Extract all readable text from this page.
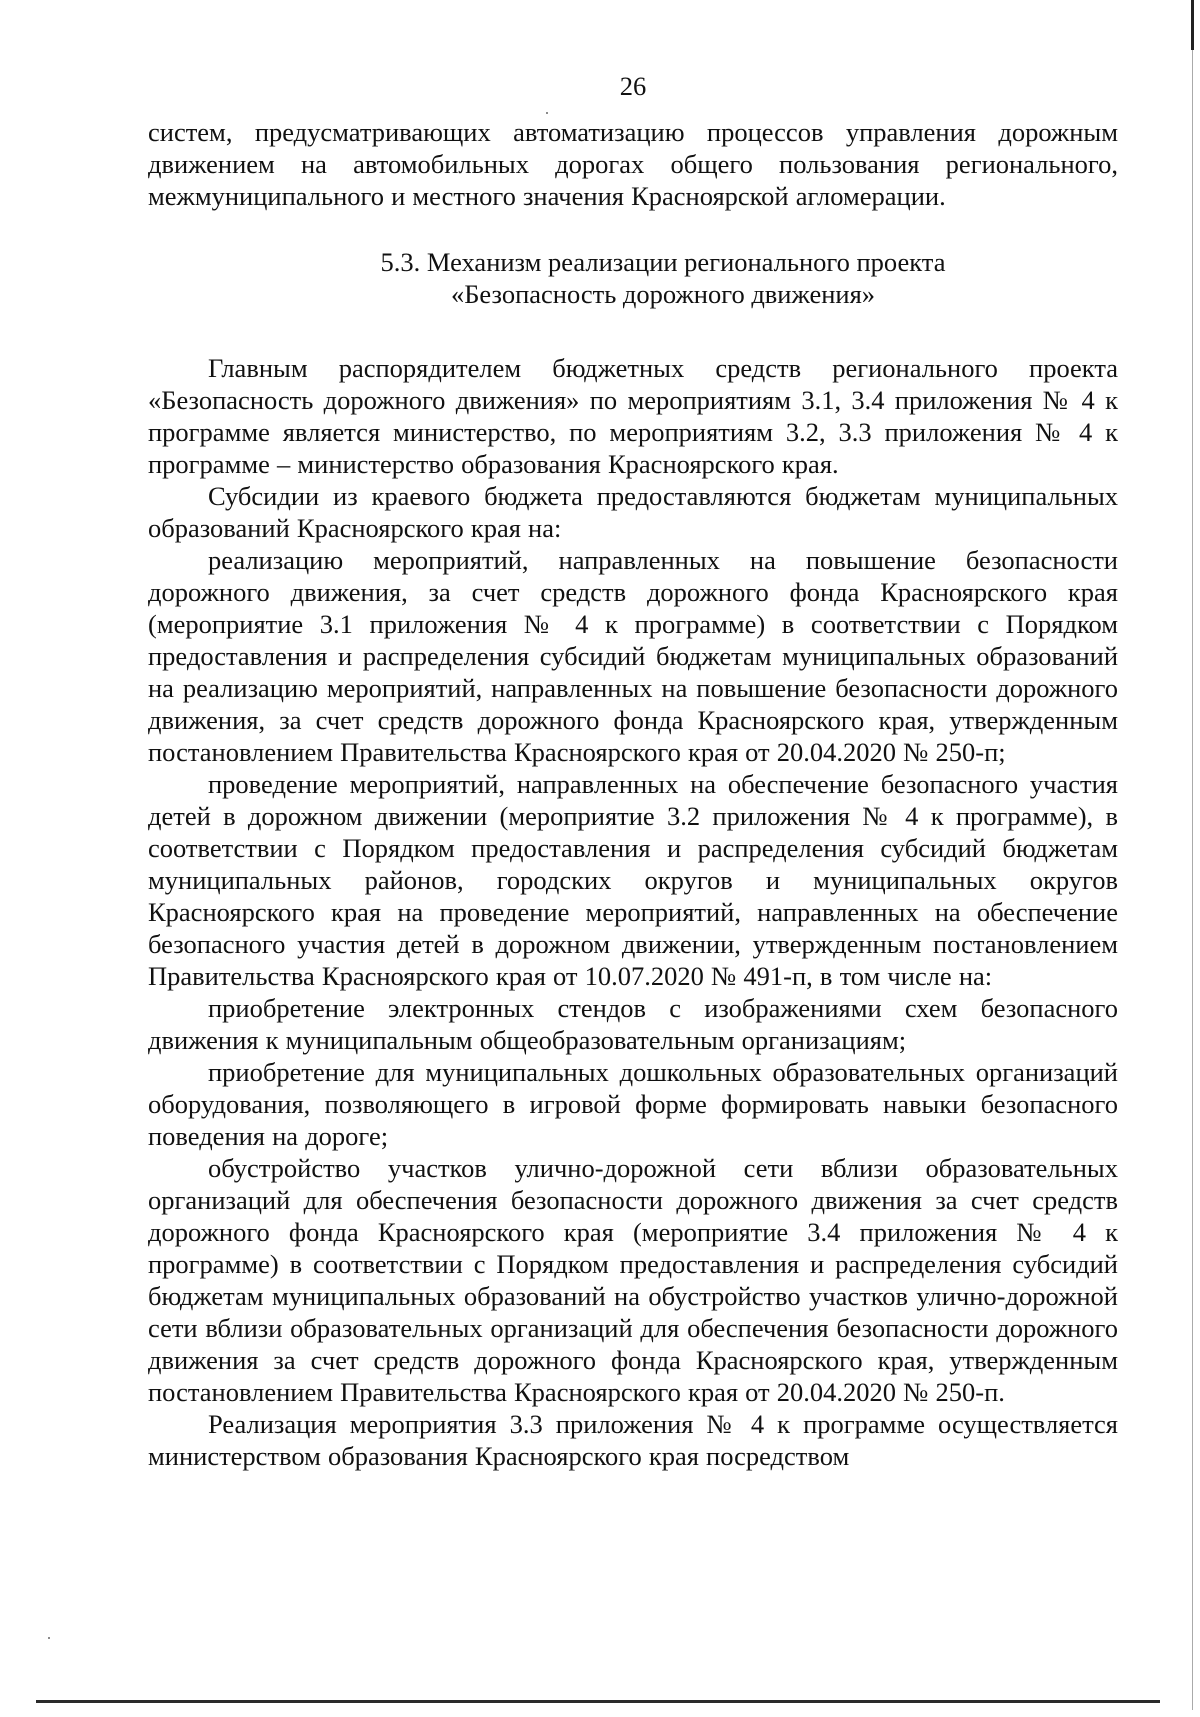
26

систем, предусматривающих автоматизацию процессов управления дорожным движением на автомобильных дорогах общего пользования регионального, межмуниципального и местного значения Красноярской агломерации.

5.3. Механизм реализации регионального проекта
«Безопасность дорожного движения»

Главным распорядителем бюджетных средств регионального проекта «Безопасность дорожного движения» по мероприятиям 3.1, 3.4 приложения № 4 к программе является министерство, по мероприятиям 3.2, 3.3 приложения № 4 к программе – министерство образования Красноярского края.

Субсидии из краевого бюджета предоставляются бюджетам муниципальных образований Красноярского края на:

реализацию мероприятий, направленных на повышение безопасности дорожного движения, за счет средств дорожного фонда Красноярского края (мероприятие 3.1 приложения № 4 к программе) в соответствии с Порядком предоставления и распределения субсидий бюджетам муниципальных образований на реализацию мероприятий, направленных на повышение безопасности дорожного движения, за счет средств дорожного фонда Красноярского края, утвержденным постановлением Правительства Красноярского края от 20.04.2020 № 250-п;

проведение мероприятий, направленных на обеспечение безопасного участия детей в дорожном движении (мероприятие 3.2 приложения № 4 к программе), в соответствии с Порядком предоставления и распределения субсидий бюджетам муниципальных районов, городских округов и муниципальных округов Красноярского края на проведение мероприятий, направленных на обеспечение безопасного участия детей в дорожном движении, утвержденным постановлением Правительства Красноярского края от 10.07.2020 № 491-п, в том числе на:

приобретение электронных стендов с изображениями схем безопасного движения к муниципальным общеобразовательным организациям;

приобретение для муниципальных дошкольных образовательных организаций оборудования, позволяющего в игровой форме формировать навыки безопасного поведения на дороге;

обустройство участков улично-дорожной сети вблизи образовательных организаций для обеспечения безопасности дорожного движения за счет средств дорожного фонда Красноярского края (мероприятие 3.4 приложения № 4 к программе) в соответствии с Порядком предоставления и распределения субсидий бюджетам муниципальных образований на обустройство участков улично-дорожной сети вблизи образовательных организаций для обеспечения безопасности дорожного движения за счет средств дорожного фонда Красноярского края, утвержденным постановлением Правительства Красноярского края от 20.04.2020 № 250-п.

Реализация мероприятия 3.3 приложения № 4 к программе осуществляется министерством образования Красноярского края посредством
